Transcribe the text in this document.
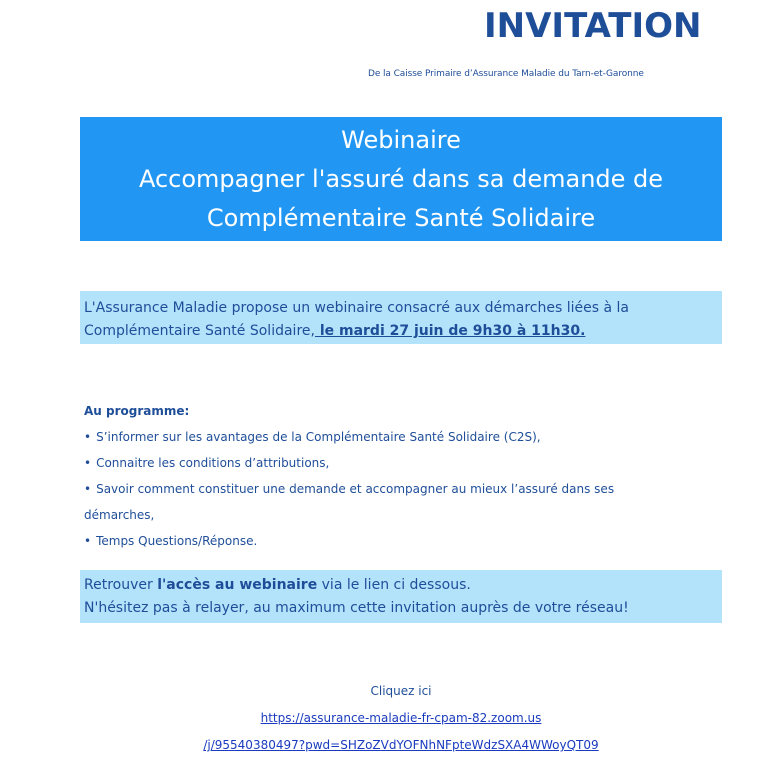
INVITATION
De la Caisse Primaire d’Assurance Maladie du Tarn-et-Garonne
Webinaire
Accompagner l'assuré dans sa demande de
Complémentaire Santé Solidaire
L'Assurance Maladie propose un webinaire consacré aux démarches liées à la
Complémentaire Santé Solidaire, le mardi 27 juin de 9h30 à 11h30.
Au programme:
• S’informer sur les avantages de la Complémentaire Santé Solidaire (C2S),
• Connaitre les conditions d’attributions,
• Savoir comment constituer une demande et accompagner au mieux l’assuré dans ses
démarches,
• Temps Questions/Réponse.
Retrouver l'accès au webinaire via le lien ci dessous.
N'hésitez pas à relayer, au maximum cette invitation auprès de votre réseau!
Cliquez ici
https://assurance-maladie-fr-cpam-82.zoom.us
/j/95540380497?pwd=SHZoZVdYOFNhNFpteWdzSXA4WWoyQT09
